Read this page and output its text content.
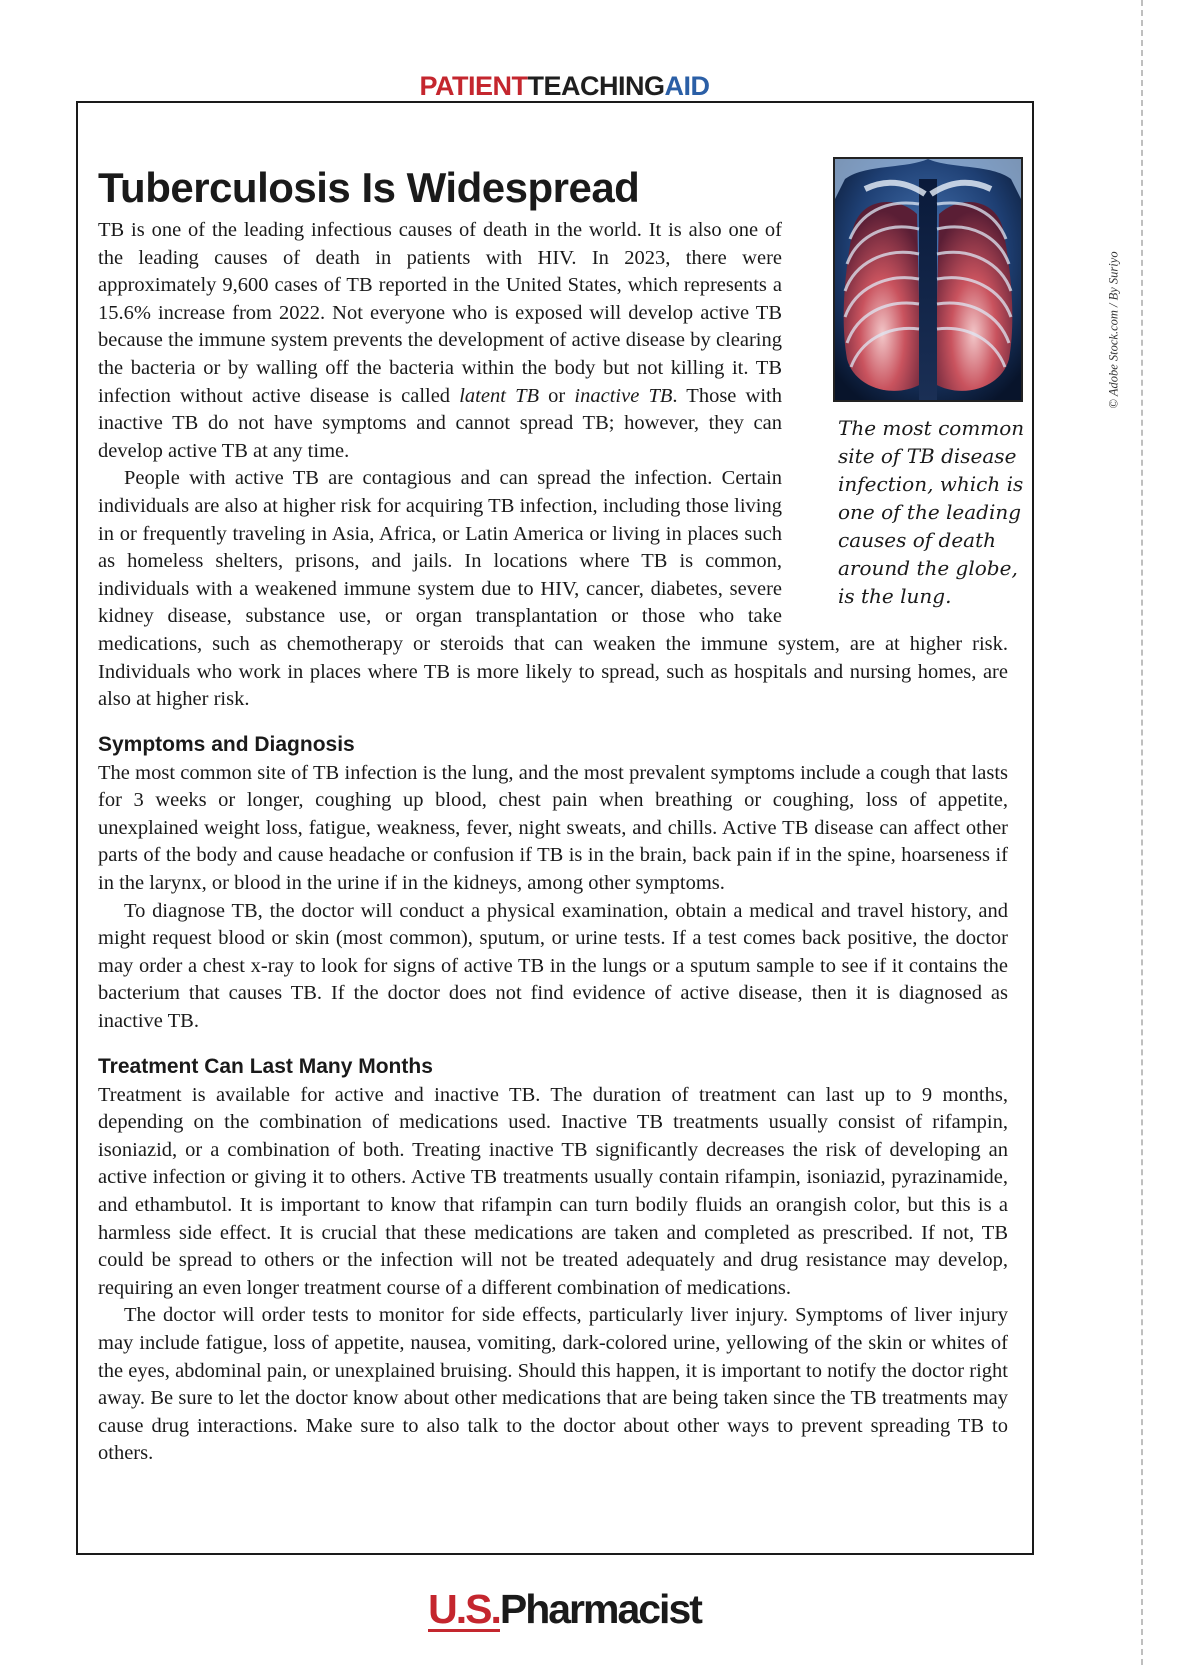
PATIENTTEACHINGAID
The most common site of TB disease infection, which is one of the leading causes of death around the globe, is the lung.
© Adobe Stock.com / By Suriyo
Tuberculosis Is Widespread

TB is one of the leading infectious causes of death in the world. It is also one of the leading causes of death in patients with HIV. In 2023, there were approximately 9,600 cases of TB reported in the United States, which represents a 15.6% increase from 2022. Not everyone who is exposed will develop active TB because the immune system prevents the development of active disease by clearing the bacteria or by walling off the bacteria within the body but not killing it. TB infection without active disease is called latent TB or inactive TB. Those with inactive TB do not have symptoms and cannot spread TB; however, they can develop active TB at any time.

People with active TB are contagious and can spread the infection. Certain individuals are also at higher risk for acquiring TB infection, including those living in or frequently traveling in Asia, Africa, or Latin America or living in places such as homeless shelters, prisons, and jails. In locations where TB is common, individuals with a weakened immune system due to HIV, cancer, diabetes, severe kidney disease, substance use, or organ transplantation or those who take medications, such as chemotherapy or steroids that can weaken the immune system, are at higher risk. Individuals who work in places where TB is more likely to spread, such as hospitals and nursing homes, are also at higher risk.

Symptoms and Diagnosis

The most common site of TB infection is the lung, and the most prevalent symptoms include a cough that lasts for 3 weeks or longer, coughing up blood, chest pain when breathing or coughing, loss of appetite, unexplained weight loss, fatigue, weakness, fever, night sweats, and chills. Active TB disease can affect other parts of the body and cause headache or confusion if TB is in the brain, back pain if in the spine, hoarseness if in the larynx, or blood in the urine if in the kidneys, among other symptoms.

To diagnose TB, the doctor will conduct a physical examination, obtain a medical and travel history, and might request blood or skin (most common), sputum, or urine tests. If a test comes back positive, the doctor may order a chest x-ray to look for signs of active TB in the lungs or a sputum sample to see if it contains the bacterium that causes TB. If the doctor does not find evidence of active disease, then it is diagnosed as inactive TB.

Treatment Can Last Many Months

Treatment is available for active and inactive TB. The duration of treatment can last up to 9 months, depending on the combination of medications used. Inactive TB treatments usually consist of rifampin, isoniazid, or a combination of both. Treating inactive TB significantly decreases the risk of developing an active infection or giving it to others. Active TB treatments usually contain rifampin, isoniazid, pyrazinamide, and ethambutol. It is important to know that rifampin can turn bodily fluids an orangish color, but this is a harmless side effect. It is crucial that these medications are taken and completed as prescribed. If not, TB could be spread to others or the infection will not be treated adequately and drug resistance may develop, requiring an even longer treatment course of a different combination of medications.

The doctor will order tests to monitor for side effects, particularly liver injury. Symptoms of liver injury may include fatigue, loss of appetite, nausea, vomiting, dark-colored urine, yellowing of the skin or whites of the eyes, abdominal pain, or unexplained bruising. Should this happen, it is important to notify the doctor right away. Be sure to let the doctor know about other medications that are being taken since the TB treatments may cause drug interactions. Make sure to also talk to the doctor about other ways to prevent spreading TB to others.

U.S.Pharmacist
